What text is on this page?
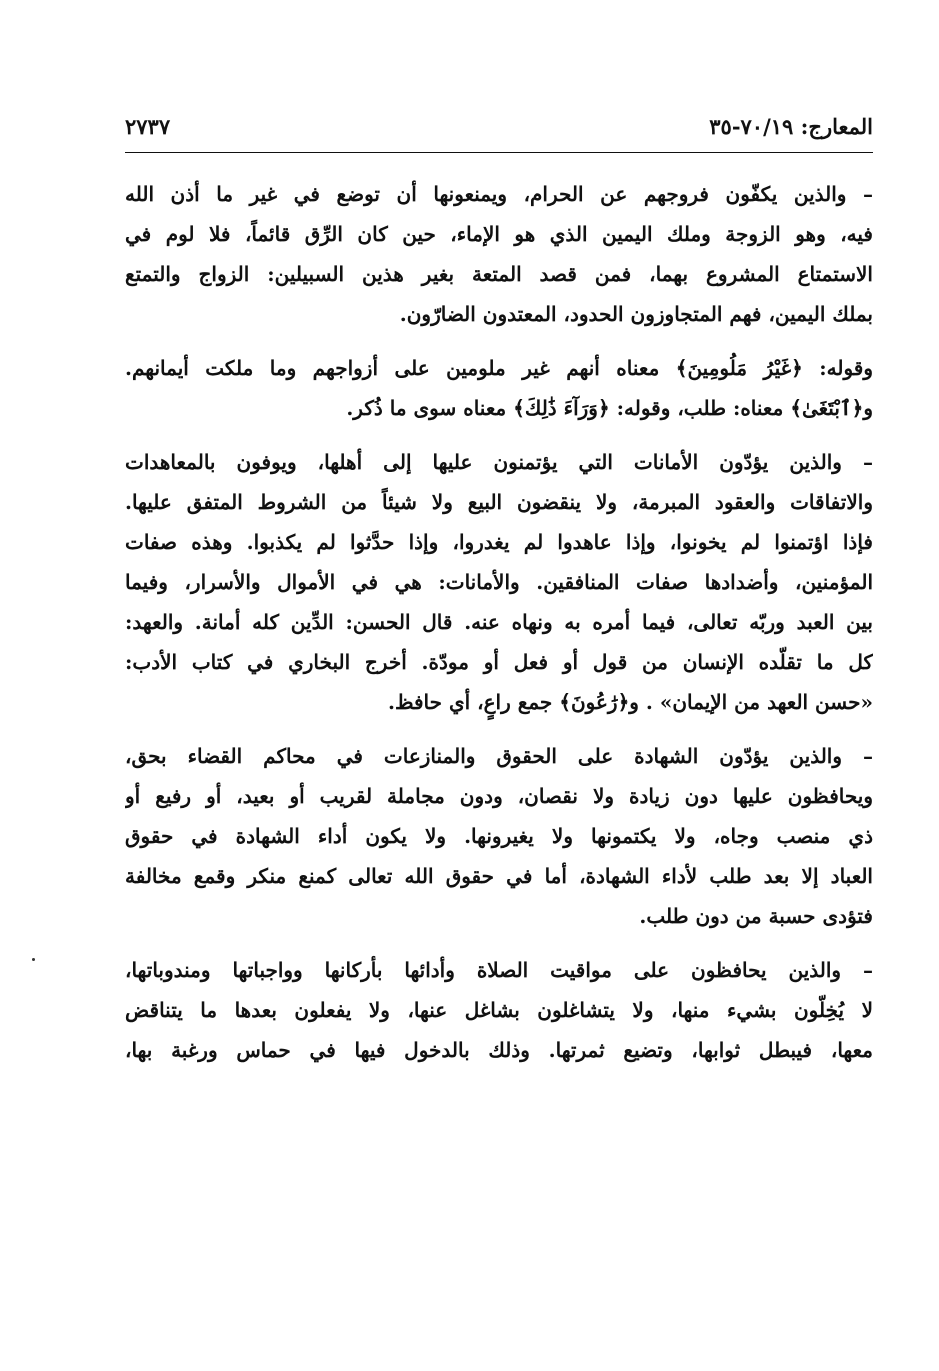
المعارج: ٧٠/١٩-٣٥
٢٧٣٧
– والذين يكفّون فروجهم عن الحرام، ويمنعونها أن توضع في غير ما أذن الله
فيه، وهو الزوجة وملك اليمين الذي هو الإماء، حين كان الرِّق قائماً، فلا لوم في
الاستمتاع المشروع بهما، فمن قصد المتعة بغير هذين السبيلين: الزواج والتمتع
بملك اليمين، فهم المتجاوزون الحدود، المعتدون الضارّون.
وقوله: ﴿غَيْرُ مَلُومِينَ﴾ معناه أنهم غير ملومين على أزواجهم وما ملكت أيمانهم.
و﴿ٱبْتَغَىٰ﴾ معناه: طلب، وقوله: ﴿وَرَآءَ ذَٰلِكَ﴾ معناه سوى ما ذُكر.
– والذين يؤدّون الأمانات التي يؤتمنون عليها إلى أهلها، ويوفون بالمعاهدات
والاتفاقات والعقود المبرمة، ولا ينقضون البيع ولا شيئاً من الشروط المتفق عليها.
فإذا اؤتمنوا لم يخونوا، وإذا عاهدوا لم يغدروا، وإذا حدَّثوا لم يكذبوا. وهذه صفات
المؤمنين، وأضدادها صفات المنافقين. والأمانات: هي في الأموال والأسرار، وفيما
بين العبد وربّه تعالى، فيما أمره به ونهاه عنه. قال الحسن: الدِّين كله أمانة. والعهد:
كل ما تقلّده الإنسان من قول أو فعل أو مودّة. أخرج البخاري في كتاب الأدب:
«حسن العهد من الإيمان» . و﴿رَٰعُونَ﴾ جمع راعٍ، أي حافظ.
– والذين يؤدّون الشهادة على الحقوق والمنازعات في محاكم القضاء بحق،
ويحافظون عليها دون زيادة ولا نقصان، ودون مجاملة لقريب أو بعيد، أو رفيع أو
ذي منصب وجاه، ولا يكتمونها ولا يغيرونها. ولا يكون أداء الشهادة في حقوق
العباد إلا بعد طلب لأداء الشهادة، أما في حقوق الله تعالى كمنع منكر وقمع مخالفة
فتؤدى حسبة من دون طلب.
– والذين يحافظون على مواقيت الصلاة وأدائها بأركانها وواجباتها ومندوباتها،
لا يُخِلّون بشيء منها، ولا يتشاغلون بشاغل عنها، ولا يفعلون بعدها ما يتناقض
معها، فيبطل ثوابها، وتضيع ثمرتها. وذلك بالدخول فيها في حماس ورغبة بها،
